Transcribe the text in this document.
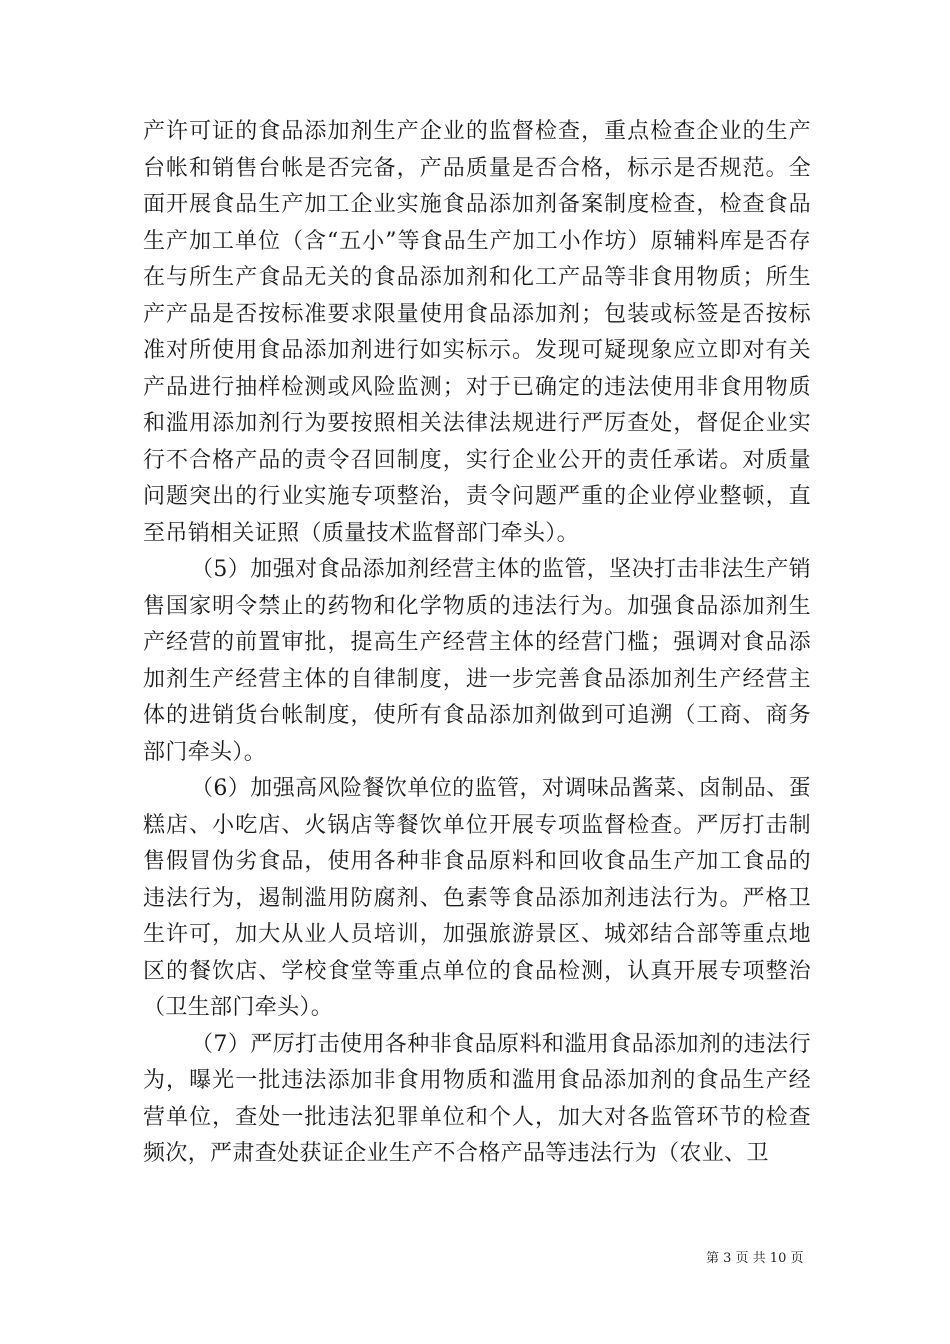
产许可证的食品添加剂生产企业的监督检查，重点检查企业的生产台帐和销售台帐是否完备，产品质量是否合格，标示是否规范。全面开展食品生产加工企业实施食品添加剂备案制度检查，检查食品生产加工单位（含“五小”等食品生产加工小作坊）原辅料库是否存在与所生产食品无关的食品添加剂和化工产品等非食用物质；所生产产品是否按标准要求限量使用食品添加剂；包装或标签是否按标准对所使用食品添加剂进行如实标示。发现可疑现象应立即对有关产品进行抽样检测或风险监测；对于已确定的违法使用非食用物质和滥用添加剂行为要按照相关法律法规进行严厉查处，督促企业实行不合格产品的责令召回制度，实行企业公开的责任承诺。对质量问题突出的行业实施专项整治，责令问题严重的企业停业整顿，直至吊销相关证照（质量技术监督部门牵头）。

（5）加强对食品添加剂经营主体的监管，坚决打击非法生产销售国家明令禁止的药物和化学物质的违法行为。加强食品添加剂生产经营的前置审批，提高生产经营主体的经营门槛；强调对食品添加剂生产经营主体的自律制度，进一步完善食品添加剂生产经营主体的进销货台帐制度，使所有食品添加剂做到可追溯（工商、商务部门牵头）。

（6）加强高风险餐饮单位的监管，对调味品酱菜、卤制品、蛋糕店、小吃店、火锅店等餐饮单位开展专项监督检查。严厉打击制售假冒伪劣食品，使用各种非食品原料和回收食品生产加工食品的违法行为，遏制滥用防腐剂、色素等食品添加剂违法行为。严格卫生许可，加大从业人员培训，加强旅游景区、城郊结合部等重点地区的餐饮店、学校食堂等重点单位的食品检测，认真开展专项整治（卫生部门牵头）。

（7）严厉打击使用各种非食品原料和滥用食品添加剂的违法行为，曝光一批违法添加非食用物质和滥用食品添加剂的食品生产经营单位，查处一批违法犯罪单位和个人，加大对各监管环节的检查频次，严肃查处获证企业生产不合格产品等违法行为（农业、卫

第 3 页 共 10 页
